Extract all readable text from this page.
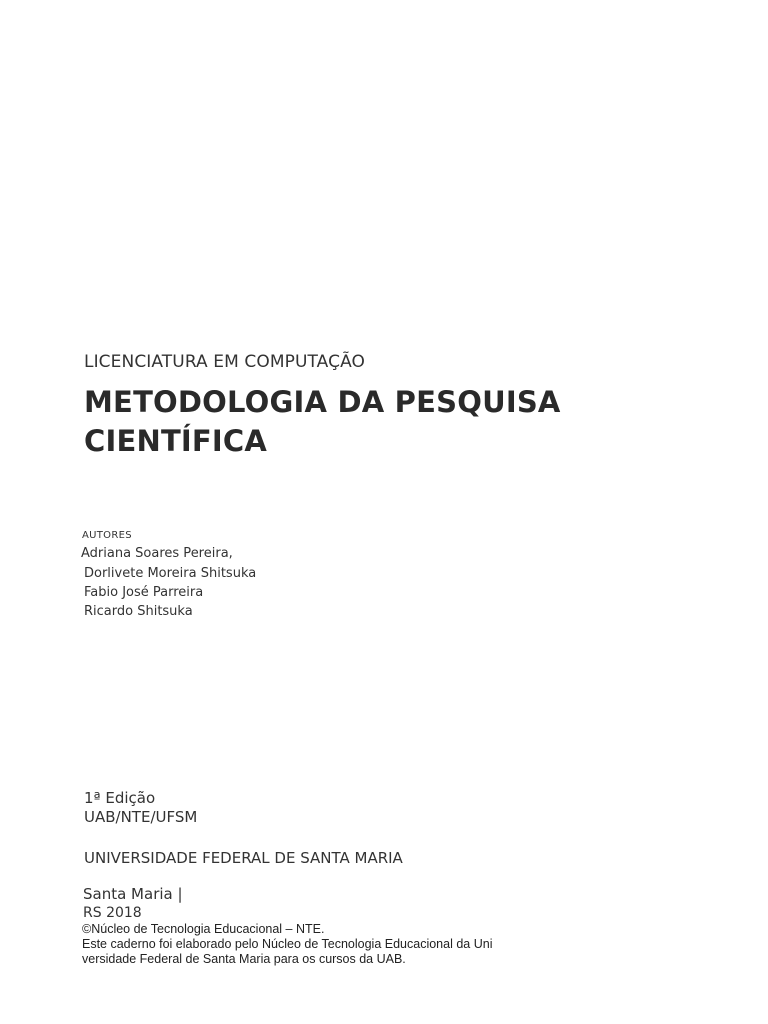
LICENCIATURA EM COMPUTAÇÃO
METODOLOGIA DA PESQUISA
CIENTÍFICA
AUTORES
Adriana Soares Pereira,
Dorlivete Moreira Shitsuka
Fabio José Parreira
Ricardo Shitsuka
1ª Edição
UAB/NTE/UFSM
UNIVERSIDADE FEDERAL DE SANTA MARIA
Santa Maria |
RS 2018
©Núcleo de Tecnologia Educacional – NTE.
Este caderno foi elaborado pelo Núcleo de Tecnologia Educacional da Uni
versidade Federal de Santa Maria para os cursos da UAB.
